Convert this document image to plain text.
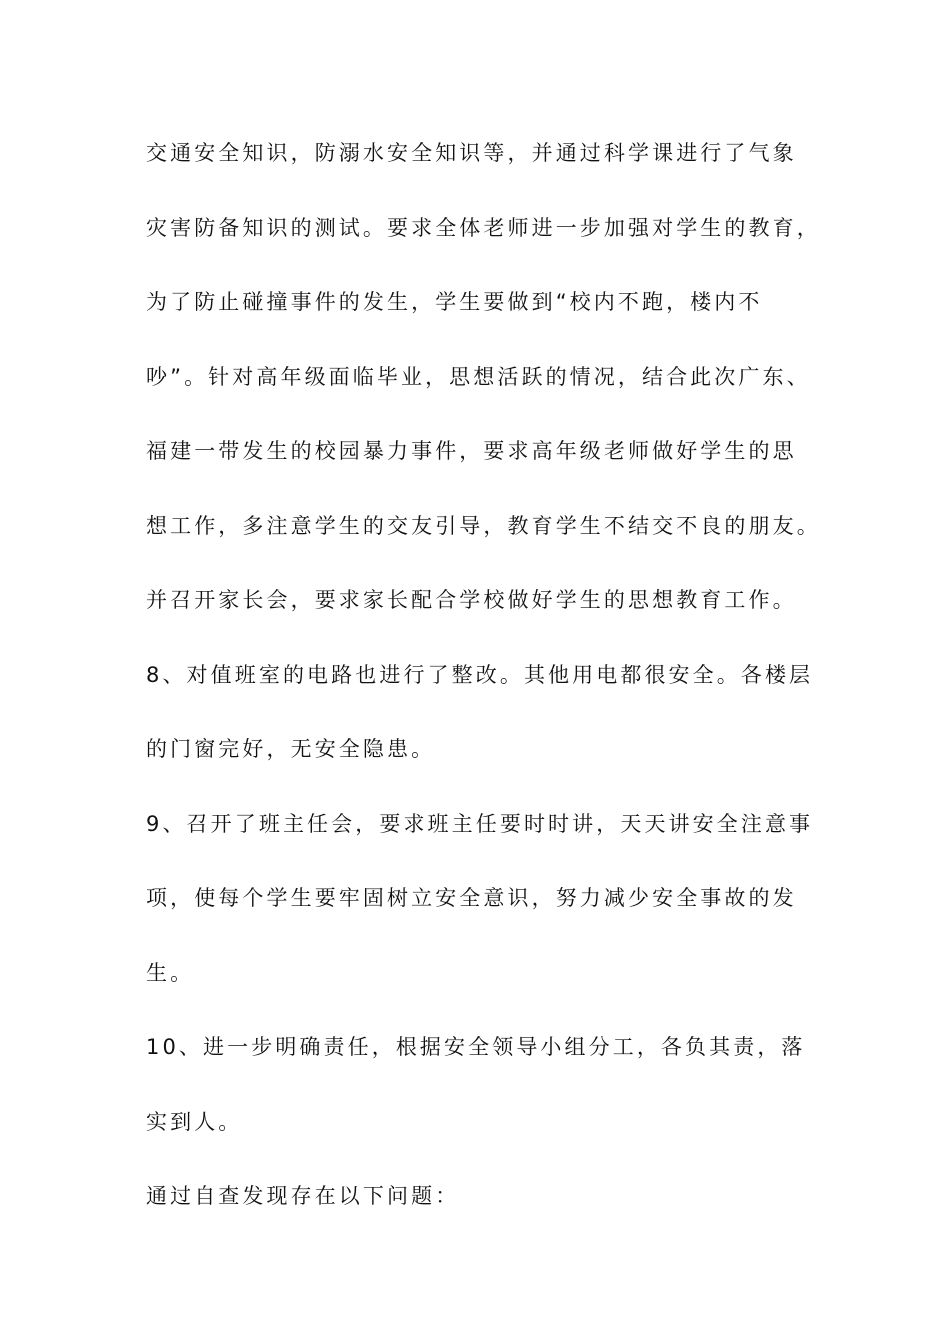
交通安全知识，防溺水安全知识等，并通过科学课进行了气象
灾害防备知识的测试。要求全体老师进一步加强对学生的教育，
为了防止碰撞事件的发生，学生要做到“校内不跑，楼内不
吵”。针对高年级面临毕业，思想活跃的情况，结合此次广东、
福建一带发生的校园暴力事件，要求高年级老师做好学生的思
想工作，多注意学生的交友引导，教育学生不结交不良的朋友。
并召开家长会，要求家长配合学校做好学生的思想教育工作。
8、对值班室的电路也进行了整改。其他用电都很安全。各楼层
的门窗完好，无安全隐患。
9、召开了班主任会，要求班主任要时时讲，天天讲安全注意事
项，使每个学生要牢固树立安全意识，努力减少安全事故的发
生。
10、进一步明确责任，根据安全领导小组分工，各负其责，落
实到人。
通过自查发现存在以下问题：
